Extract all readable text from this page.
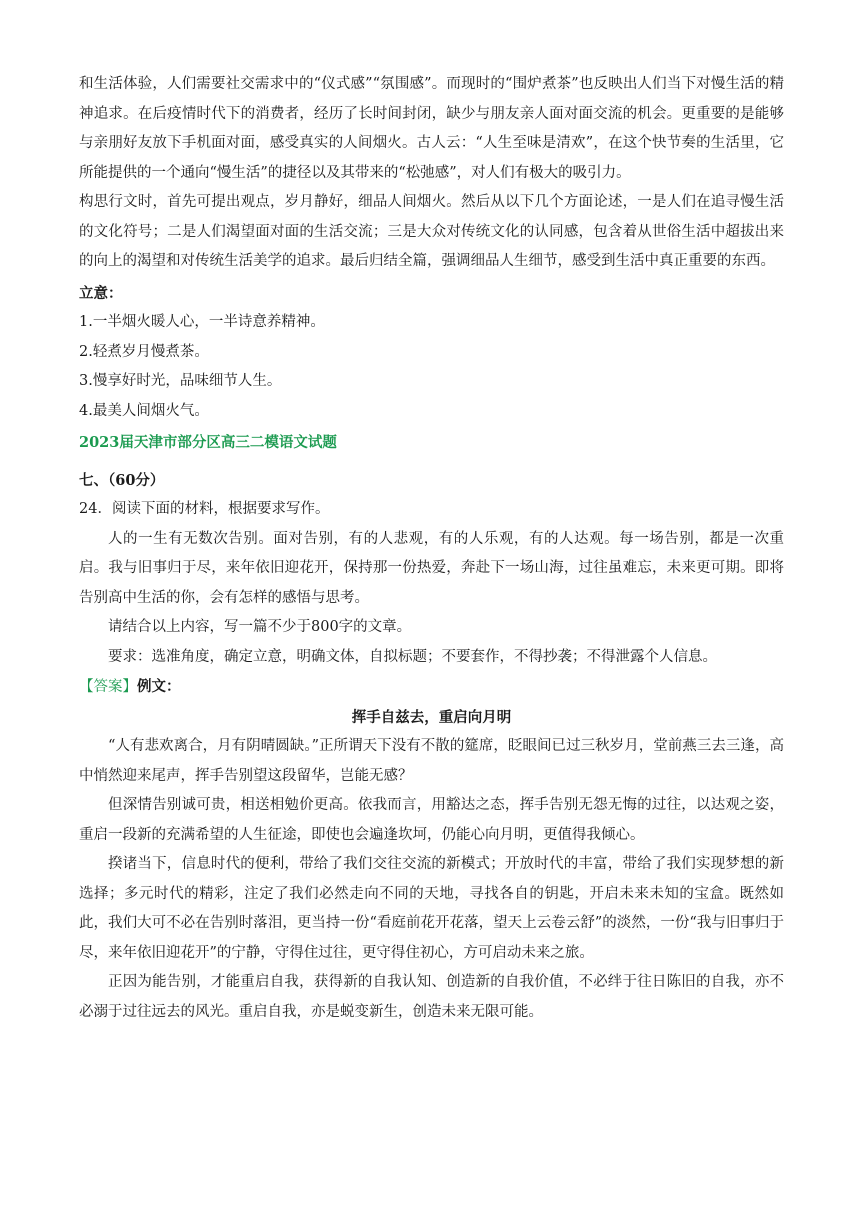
和生活体验，人们需要社交需求中的“仪式感”“氛围感”。而现时的“围炉煮茶”也反映出人们当下对慢生活的精神追求。在后疫情时代下的消费者，经历了长时间封闭，缺少与朋友亲人面对面交流的机会。更重要的是能够与亲朋好友放下手机面对面，感受真实的人间烟火。古人云：“人生至味是清欢”，在这个快节奏的生活里，它所能提供的一个通向“慢生活”的捷径以及其带来的“松弛感”，对人们有极大的吸引力。

构思行文时，首先可提出观点，岁月静好，细品人间烟火。然后从以下几个方面论述，一是人们在追寻慢生活的文化符号；二是人们渴望面对面的生活交流；三是大众对传统文化的认同感，包含着从世俗生活中超拔出来的向上的渴望和对传统生活美学的追求。最后归结全篇，强调细品人生细节，感受到生活中真正重要的东西。

立意：

1.一半烟火暖人心，一半诗意养精神。

2.轻煮岁月慢煮茶。

3.慢享好时光，品味细节人生。

4.最美人间烟火气。

2023届天津市部分区高三二模语文试题

七、（60分）

24．阅读下面的材料，根据要求写作。

人的一生有无数次告别。面对告别，有的人悲观，有的人乐观，有的人达观。每一场告别，都是一次重启。我与旧事归于尽，来年依旧迎花开，保持那一份热爱，奔赴下一场山海，过往虽难忘，未来更可期。即将告别高中生活的你，会有怎样的感悟与思考。

请结合以上内容，写一篇不少于800字的文章。

要求：选准角度，确定立意，明确文体，自拟标题；不要套作，不得抄袭；不得泄露个人信息。

【答案】例文：

挥手自兹去，重启向月明

“人有悲欢离合，月有阴晴圆缺。”正所谓天下没有不散的筵席，眨眼间已过三秋岁月，堂前燕三去三逢，高中悄然迎来尾声，挥手告别望这段留华，岂能无感？

但深情告别诚可贵，相送相勉价更高。依我而言，用豁达之态，挥手告别无怨无悔的过往，以达观之姿，重启一段新的充满希望的人生征途，即使也会遍逢坎坷，仍能心向月明，更值得我倾心。

揆诸当下，信息时代的便利，带给了我们交往交流的新模式；开放时代的丰富，带给了我们实现梦想的新选择；多元时代的精彩，注定了我们必然走向不同的天地，寻找各自的钥匙，开启未来未知的宝盒。既然如此，我们大可不必在告别时落泪，更当持一份“看庭前花开花落，望天上云卷云舒”的淡然，一份“我与旧事归于尽，来年依旧迎花开”的宁静，守得住过往，更守得住初心，方可启动未来之旅。

正因为能告别，才能重启自我，获得新的自我认知、创造新的自我价值，不必绊于往日陈旧的自我，亦不必溺于过往远去的风光。重启自我，亦是蜕变新生，创造未来无限可能。
